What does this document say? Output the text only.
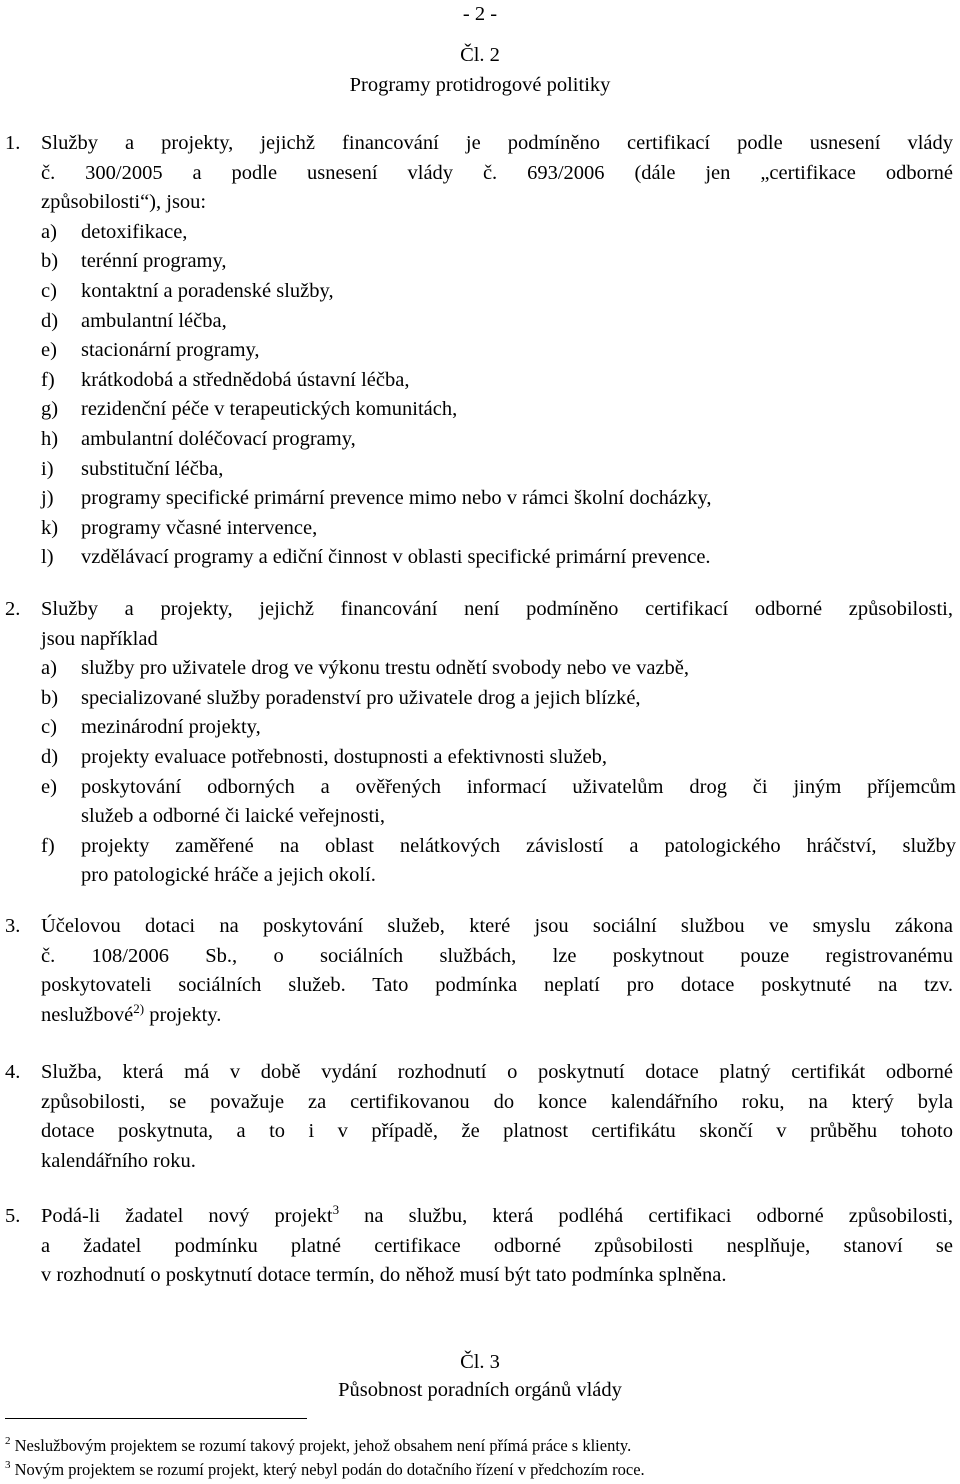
- 2 -
Čl. 2
Programy protidrogové politiky
1.	Služby a projekty, jejichž financování je podmíněno certifikací podle usnesení vlády
č. 300/2005 a podle usnesení vlády č. 693/2006 (dále jen „certifikace odborné
způsobilosti“), jsou:
a)	detoxifikace,
b)	terénní programy,
c)	kontaktní a poradenské služby,
d)	ambulantní léčba,
e)	stacionární programy,
f)	krátkodobá a střednědobá ústavní léčba,
g)	rezidenční péče v terapeutických komunitách,
h)	ambulantní doléčovací programy,
i)	substituční léčba,
j)	programy specifické primární prevence mimo nebo v rámci školní docházky,
k)	programy včasné intervence,
l)	vzdělávací programy a ediční činnost v oblasti specifické primární prevence.
2.	Služby a projekty, jejichž financování není podmíněno certifikací odborné způsobilosti,
jsou například
a)	služby pro uživatele drog ve výkonu trestu odnětí svobody nebo ve vazbě,
b)	specializované služby poradenství pro uživatele drog a jejich blízké,
c)	mezinárodní projekty,
d)	projekty evaluace potřebnosti, dostupnosti a efektivnosti služeb,
e)	poskytování odborných a ověřených informací uživatelům drog či jiným příjemcům
služeb a odborné či laické veřejnosti,
f)	projekty zaměřené na oblast nelátkových závislostí a patologického hráčství, služby
pro patologické hráče a jejich okolí.
3.	Účelovou dotaci na poskytování služeb, které jsou sociální službou ve smyslu zákona
č. 108/2006 Sb., o sociálních službách, lze poskytnout pouze registrovanému
poskytovateli sociálních služeb. Tato podmínka neplatí pro dotace poskytnuté na tzv.
neslužbové$^{2)}$ projekty.
4.	Služba, která má v době vydání rozhodnutí o poskytnutí dotace platný certifikát odborné
způsobilosti, se považuje za certifikovanou do konce kalendářního roku, na který byla
dotace poskytnuta, a to i v případě, že platnost certifikátu skončí v průběhu tohoto
kalendářního roku.
5.	Podá-li žadatel nový projekt$^3$ na službu, která podléhá certifikaci odborné způsobilosti,
a žadatel podmínku platné certifikace odborné způsobilosti nesplňuje, stanoví se
v rozhodnutí o poskytnutí dotace termín, do něhož musí být tato podmínka splněna.
Čl. 3
Působnost poradních orgánů vlády
$^2$ Neslužbovým projektem se rozumí takový projekt, jehož obsahem není přímá práce s klienty.
$^3$ Novým projektem se rozumí projekt, který nebyl podán do dotačního řízení v předchozím roce.
